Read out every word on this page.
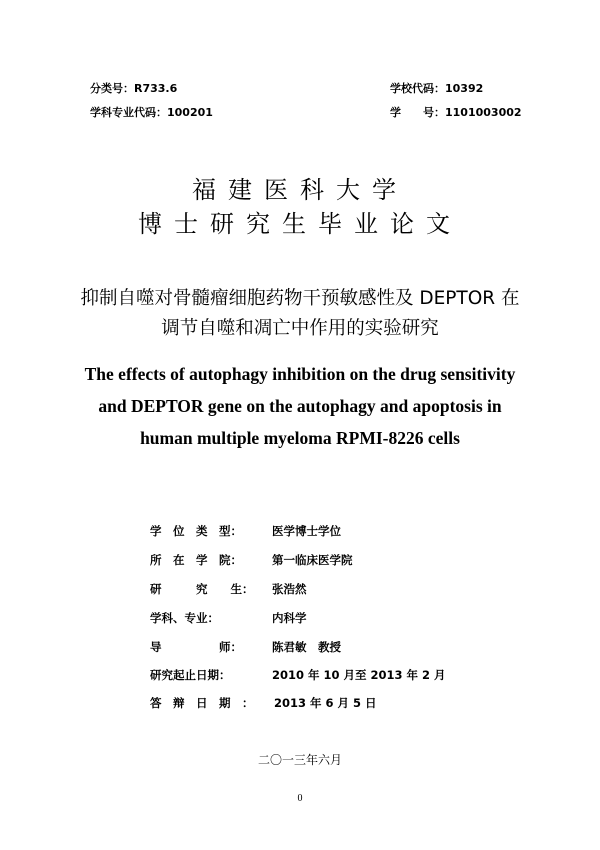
分类号：R733.6	学校代码：10392
学科专业代码：100201	学　　号：1101003002
福建医科大学
博士研究生毕业论文
抑制自噬对骨髓瘤细胞药物干预敏感性及 DEPTOR 在
调节自噬和凋亡中作用的实验研究
The effects of autophagy inhibition on the drug sensitivity
and DEPTOR gene on the autophagy and apoptosis in
human multiple myeloma RPMI-8226 cells
学　位　类　型：	医学博士学位
所　在　学　院：	第一临床医学院
研　　　究　　生： 张浩然
学科、专业：	内科学
导　　　　　师：	陈君敏　教授
研究起止日期：	2010 年 10 月至 2013 年 2 月
答　辩　日　期　： 2013 年 6 月 5 日
二〇一三年六月
0
